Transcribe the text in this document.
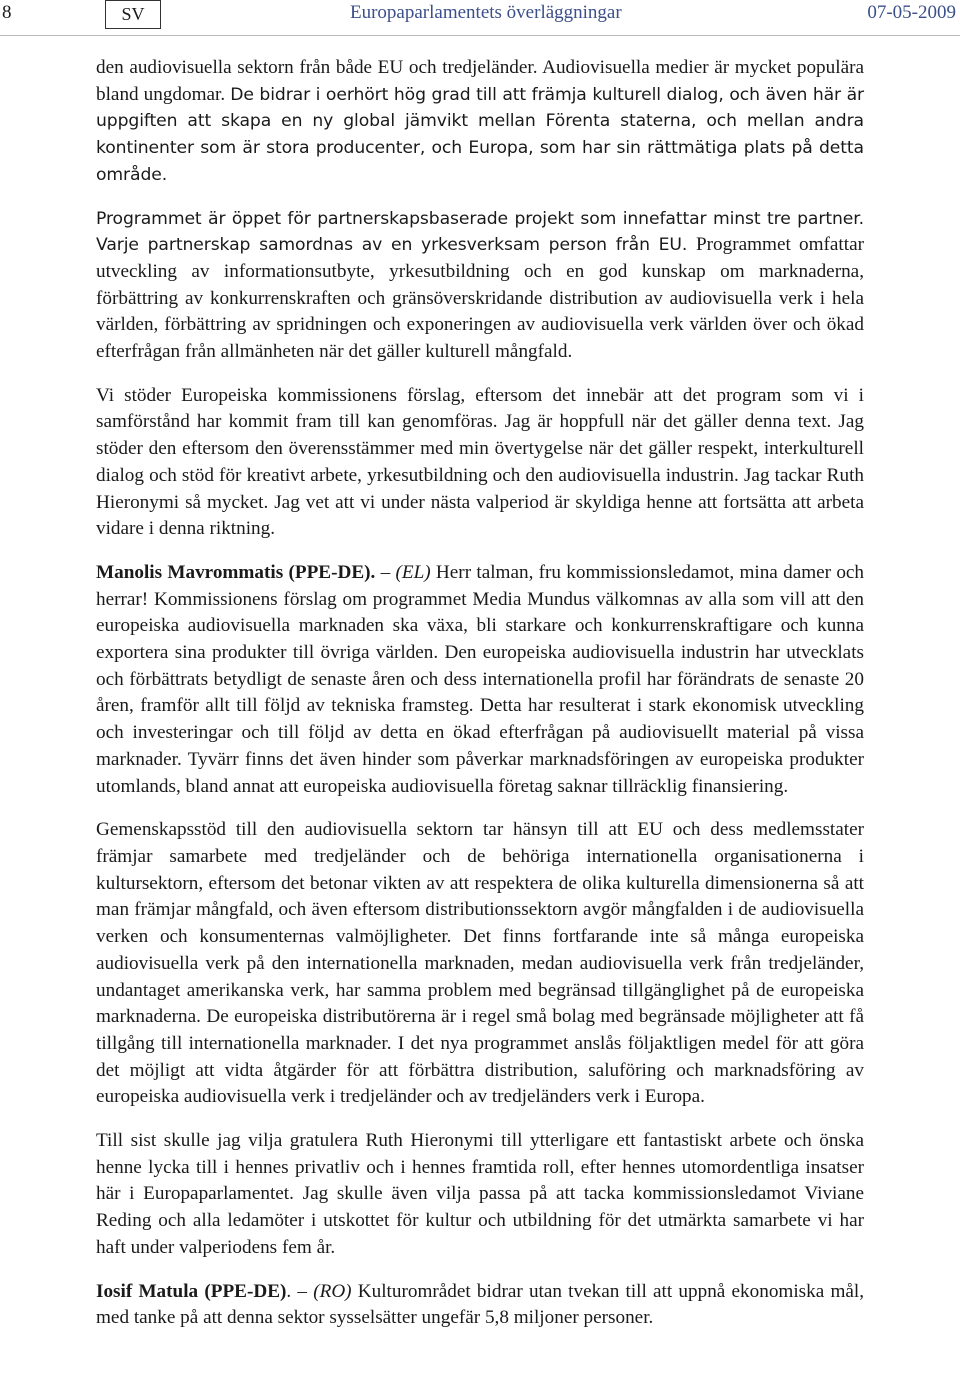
8	SV	Europaparlamentets överläggningar	07-05-2009

den audiovisuella sektorn från både EU och tredjeländer. Audiovisuella medier är mycket populära bland ungdomar. De bidrar i oerhört hög grad till att främja kulturell dialog, och även här är uppgiften att skapa en ny global jämvikt mellan Förenta staterna, och mellan andra kontinenter som är stora producenter, och Europa, som har sin rättmätiga plats på detta område.

Programmet är öppet för partnerskapsbaserade projekt som innefattar minst tre partner. Varje partnerskap samordnas av en yrkesverksam person från EU. Programmet omfattar utveckling av informationsutbyte, yrkesutbildning och en god kunskap om marknaderna, förbättring av konkurrenskraften och gränsöverskridande distribution av audiovisuella verk i hela världen, förbättring av spridningen och exponeringen av audiovisuella verk världen över och ökad efterfrågan från allmänheten när det gäller kulturell mångfald.

Vi stöder Europeiska kommissionens förslag, eftersom det innebär att det program som vi i samförstånd har kommit fram till kan genomföras. Jag är hoppfull när det gäller denna text. Jag stöder den eftersom den överensstämmer med min övertygelse när det gäller respekt, interkulturell dialog och stöd för kreativt arbete, yrkesutbildning och den audiovisuella industrin. Jag tackar Ruth Hieronymi så mycket. Jag vet att vi under nästa valperiod är skyldiga henne att fortsätta att arbeta vidare i denna riktning.

Manolis Mavrommatis (PPE-DE). – (EL) Herr talman, fru kommissionsledamot, mina damer och herrar! Kommissionens förslag om programmet Media Mundus välkomnas av alla som vill att den europeiska audiovisuella marknaden ska växa, bli starkare och konkurrenskraftigare och kunna exportera sina produkter till övriga världen. Den europeiska audiovisuella industrin har utvecklats och förbättrats betydligt de senaste åren och dess internationella profil har förändrats de senaste 20 åren, framför allt till följd av tekniska framsteg. Detta har resulterat i stark ekonomisk utveckling och investeringar och till följd av detta en ökad efterfrågan på audiovisuellt material på vissa marknader. Tyvärr finns det även hinder som påverkar marknadsföringen av europeiska produkter utomlands, bland annat att europeiska audiovisuella företag saknar tillräcklig finansiering.

Gemenskapsstöd till den audiovisuella sektorn tar hänsyn till att EU och dess medlemsstater främjar samarbete med tredjeländer och de behöriga internationella organisationerna i kultursektorn, eftersom det betonar vikten av att respektera de olika kulturella dimensionerna så att man främjar mångfald, och även eftersom distributionssektorn avgör mångfalden i de audiovisuella verken och konsumenternas valmöjligheter. Det finns fortfarande inte så många europeiska audiovisuella verk på den internationella marknaden, medan audiovisuella verk från tredjeländer, undantaget amerikanska verk, har samma problem med begränsad tillgänglighet på de europeiska marknaderna. De europeiska distributörerna är i regel små bolag med begränsade möjligheter att få tillgång till internationella marknader. I det nya programmet anslås följaktligen medel för att göra det möjligt att vidta åtgärder för att förbättra distribution, saluföring och marknadsföring av europeiska audiovisuella verk i tredjeländer och av tredjeländers verk i Europa.

Till sist skulle jag vilja gratulera Ruth Hieronymi till ytterligare ett fantastiskt arbete och önska henne lycka till i hennes privatliv och i hennes framtida roll, efter hennes utomordentliga insatser här i Europaparlamentet. Jag skulle även vilja passa på att tacka kommissionsledamot Viviane Reding och alla ledamöter i utskottet för kultur och utbildning för det utmärkta samarbete vi har haft under valperiodens fem år.

Iosif Matula (PPE-DE). – (RO) Kulturområdet bidrar utan tvekan till att uppnå ekonomiska mål, med tanke på att denna sektor sysselsätter ungefär 5,8 miljoner personer.
